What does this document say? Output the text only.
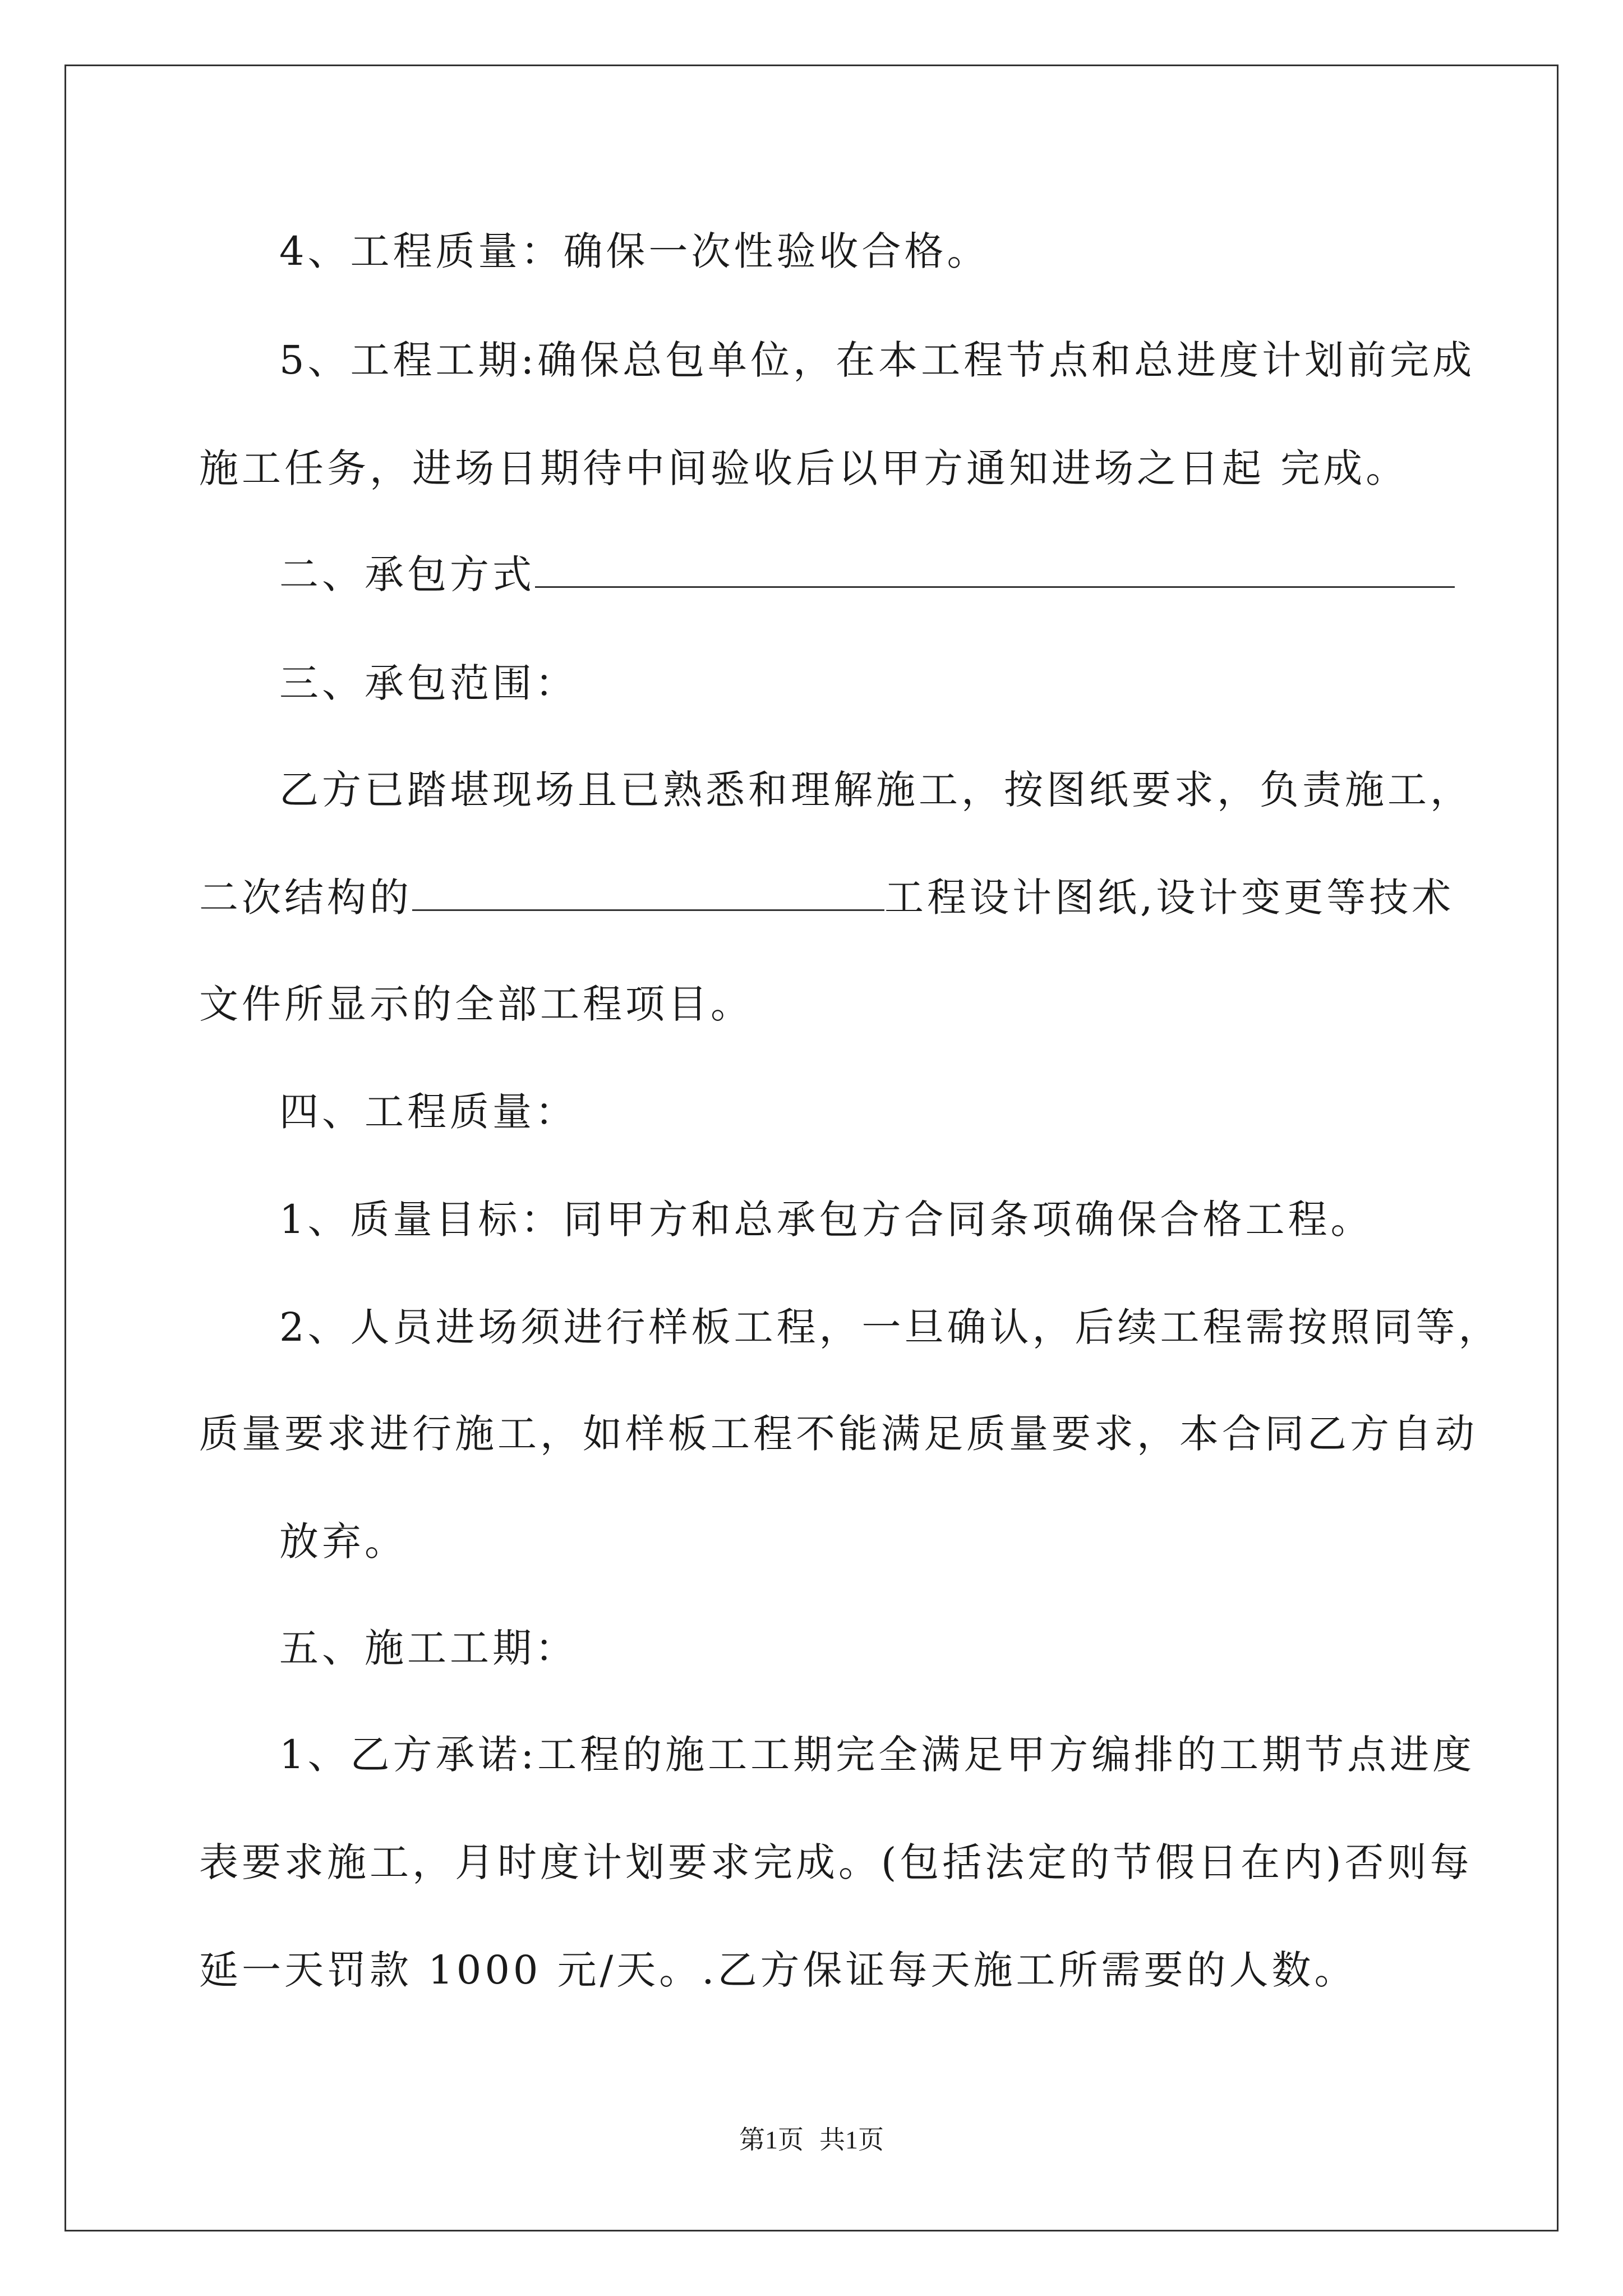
4、工程质量：确保一次性验收合格。
5、工程工期:确保总包单位，在本工程节点和总进度计划前完成
施工任务，进场日期待中间验收后以甲方通知进场之日起 完成。
二、承包方式
三、承包范围：
乙方已踏堪现场且已熟悉和理解施工，按图纸要求，负责施工，
二次结构的	工程设计图纸,设计变更等技术
文件所显示的全部工程项目。
四、工程质量：
1、质量目标：同甲方和总承包方合同条项确保合格工程。
2、人员进场须进行样板工程，一旦确认，后续工程需按照同等，
质量要求进行施工，如样板工程不能满足质量要求，本合同乙方自动
放弃。
五、施工工期：
1、乙方承诺:工程的施工工期完全满足甲方编排的工期节点进度
表要求施工，月时度计划要求完成。(包括法定的节假日在内)否则每
延一天罚款 1000 元/天。.乙方保证每天施工所需要的人数。
第1页 共1页
